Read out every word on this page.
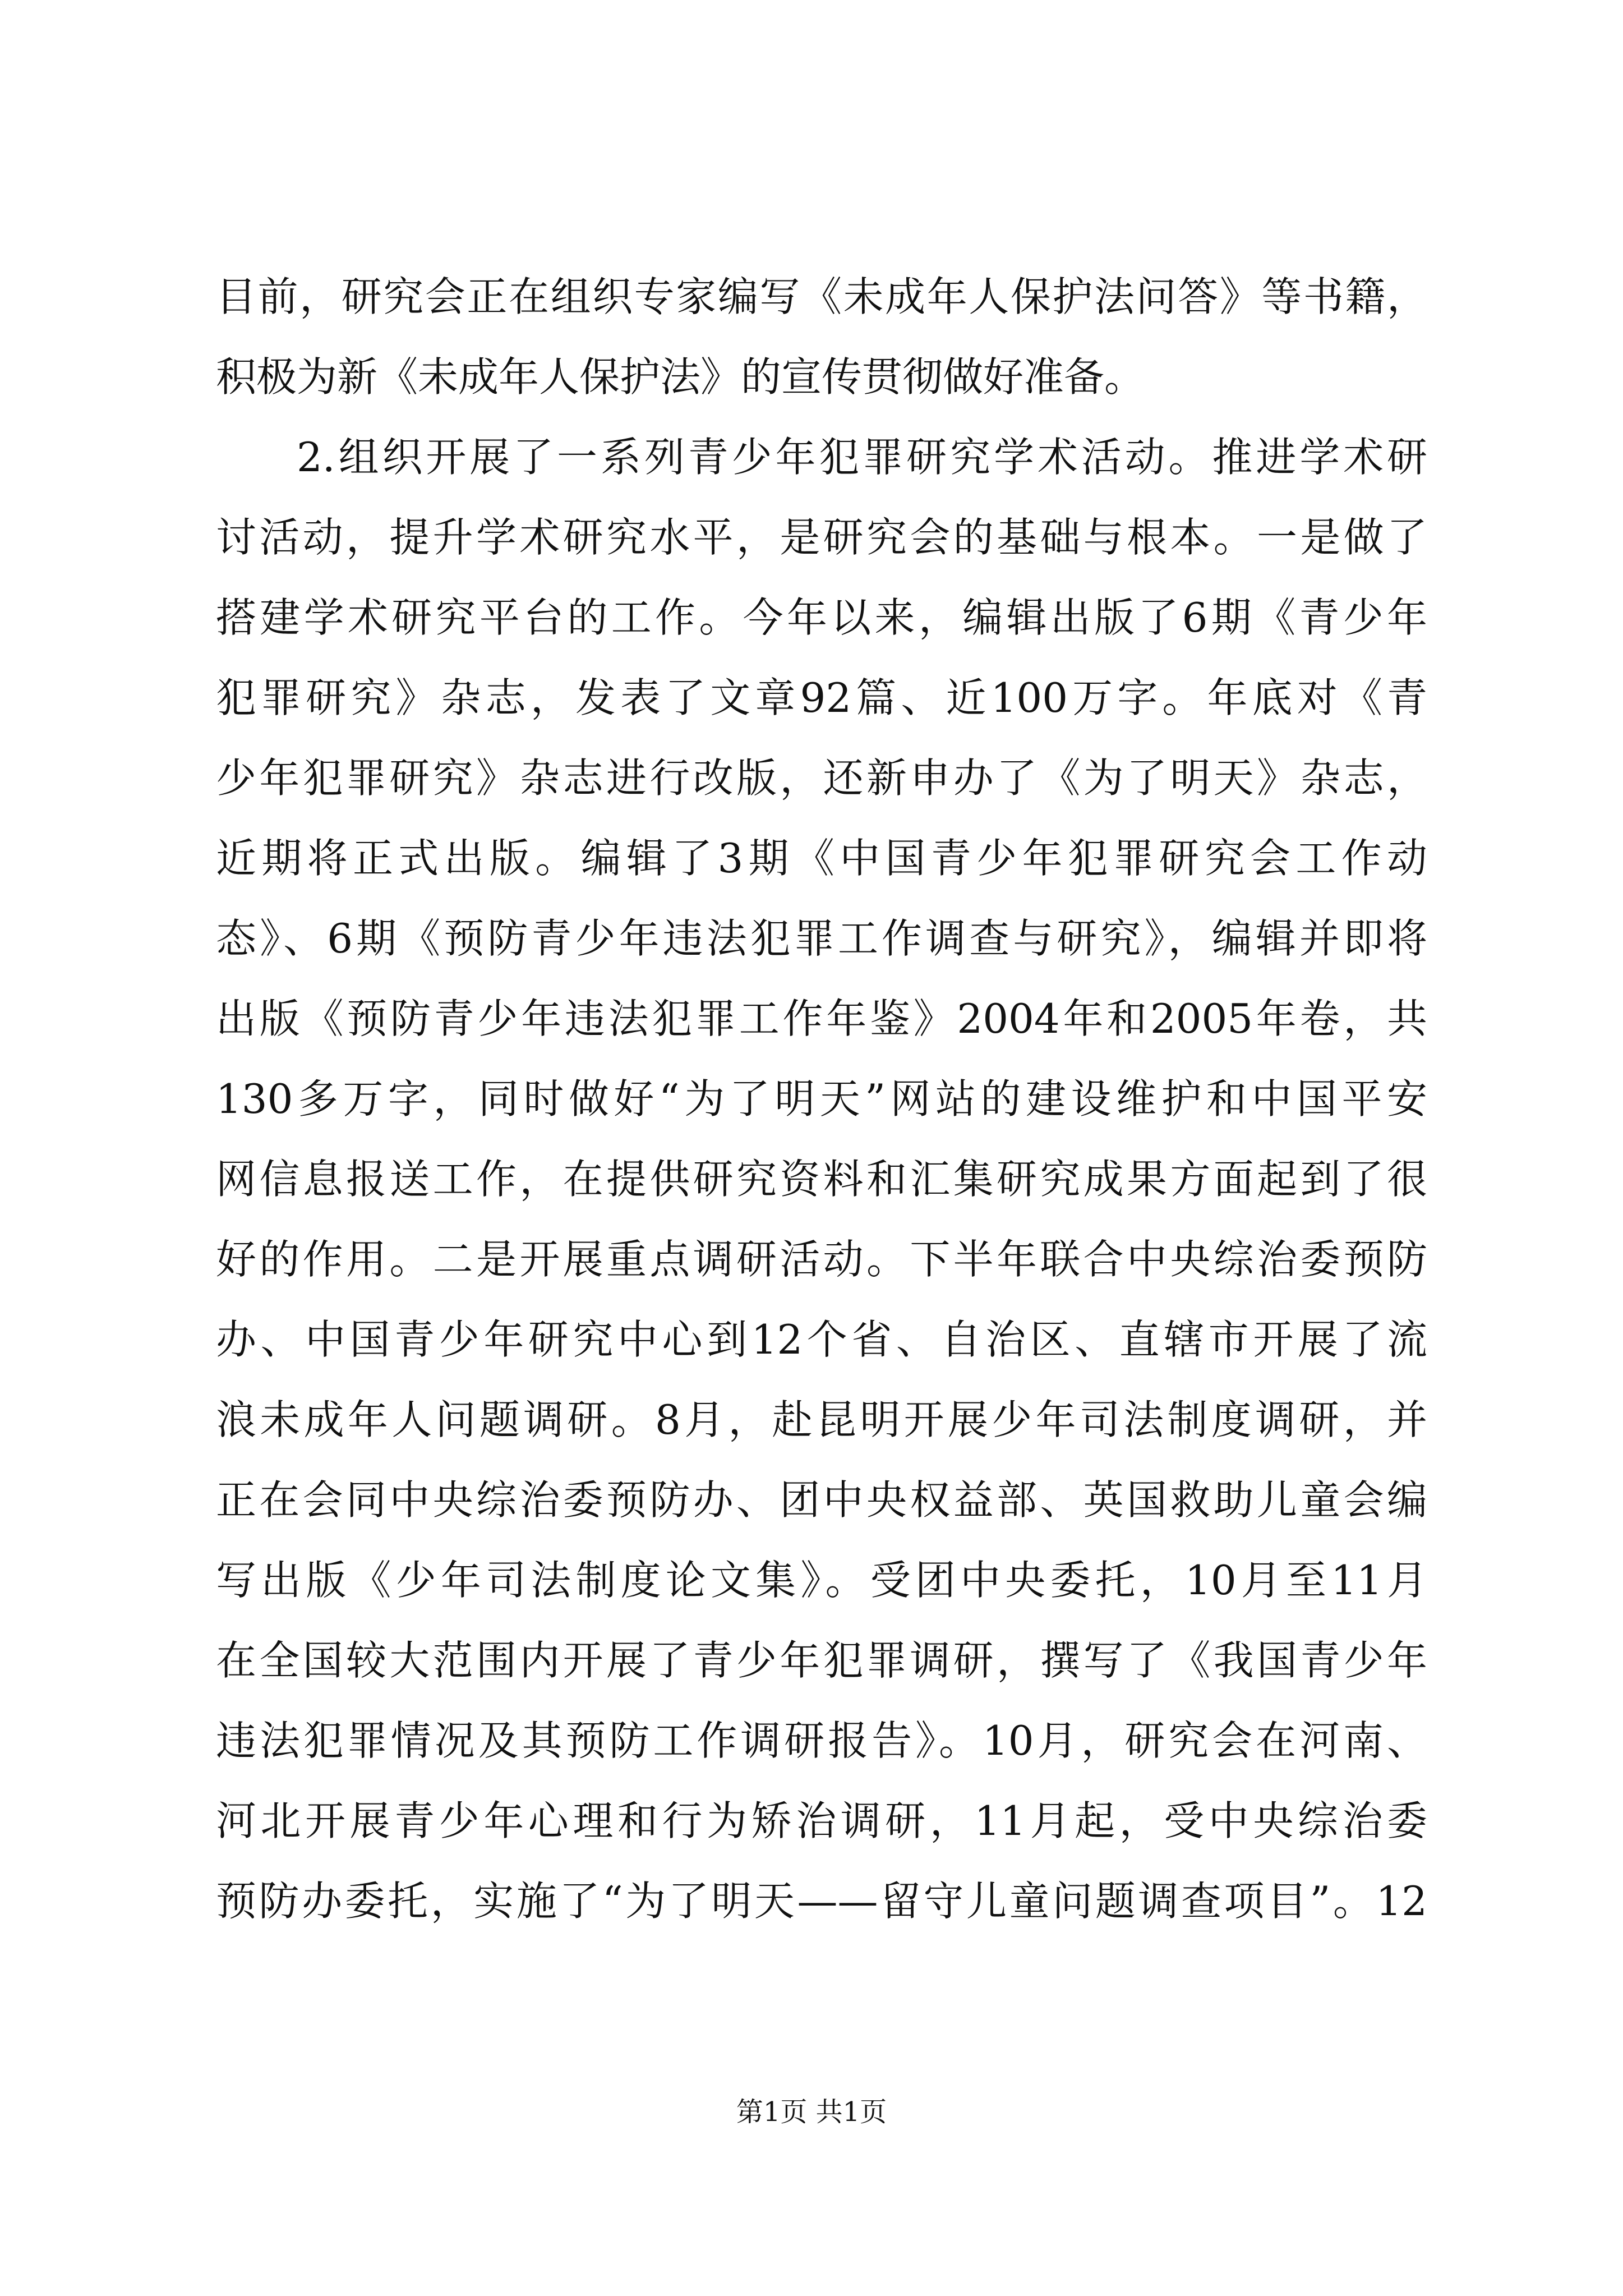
目前，研究会正在组织专家编写《未成年人保护法问答》等书籍，
积极为新《未成年人保护法》的宣传贯彻做好准备。
2.组织开展了一系列青少年犯罪研究学术活动。推进学术研
讨活动，提升学术研究水平，是研究会的基础与根本。一是做了
搭建学术研究平台的工作。今年以来，编辑出版了6期《青少年
犯罪研究》杂志，发表了文章92篇、近100万字。年底对《青
少年犯罪研究》杂志进行改版，还新申办了《为了明天》杂志，
近期将正式出版。编辑了3期《中国青少年犯罪研究会工作动
态》、6期《预防青少年违法犯罪工作调查与研究》，编辑并即将
出版《预防青少年违法犯罪工作年鉴》2004年和2005年卷，共
130多万字，同时做好“为了明天”网站的建设维护和中国平安
网信息报送工作，在提供研究资料和汇集研究成果方面起到了很
好的作用。二是开展重点调研活动。下半年联合中央综治委预防
办、中国青少年研究中心到12个省、自治区、直辖市开展了流
浪未成年人问题调研。8月，赴昆明开展少年司法制度调研，并
正在会同中央综治委预防办、团中央权益部、英国救助儿童会编
写出版《少年司法制度论文集》。受团中央委托，10月至11月
在全国较大范围内开展了青少年犯罪调研，撰写了《我国青少年
违法犯罪情况及其预防工作调研报告》。10月，研究会在河南、
河北开展青少年心理和行为矫治调研，11月起，受中央综治委
预防办委托，实施了“为了明天——留守儿童问题调查项目”。12
第1页 共1页
